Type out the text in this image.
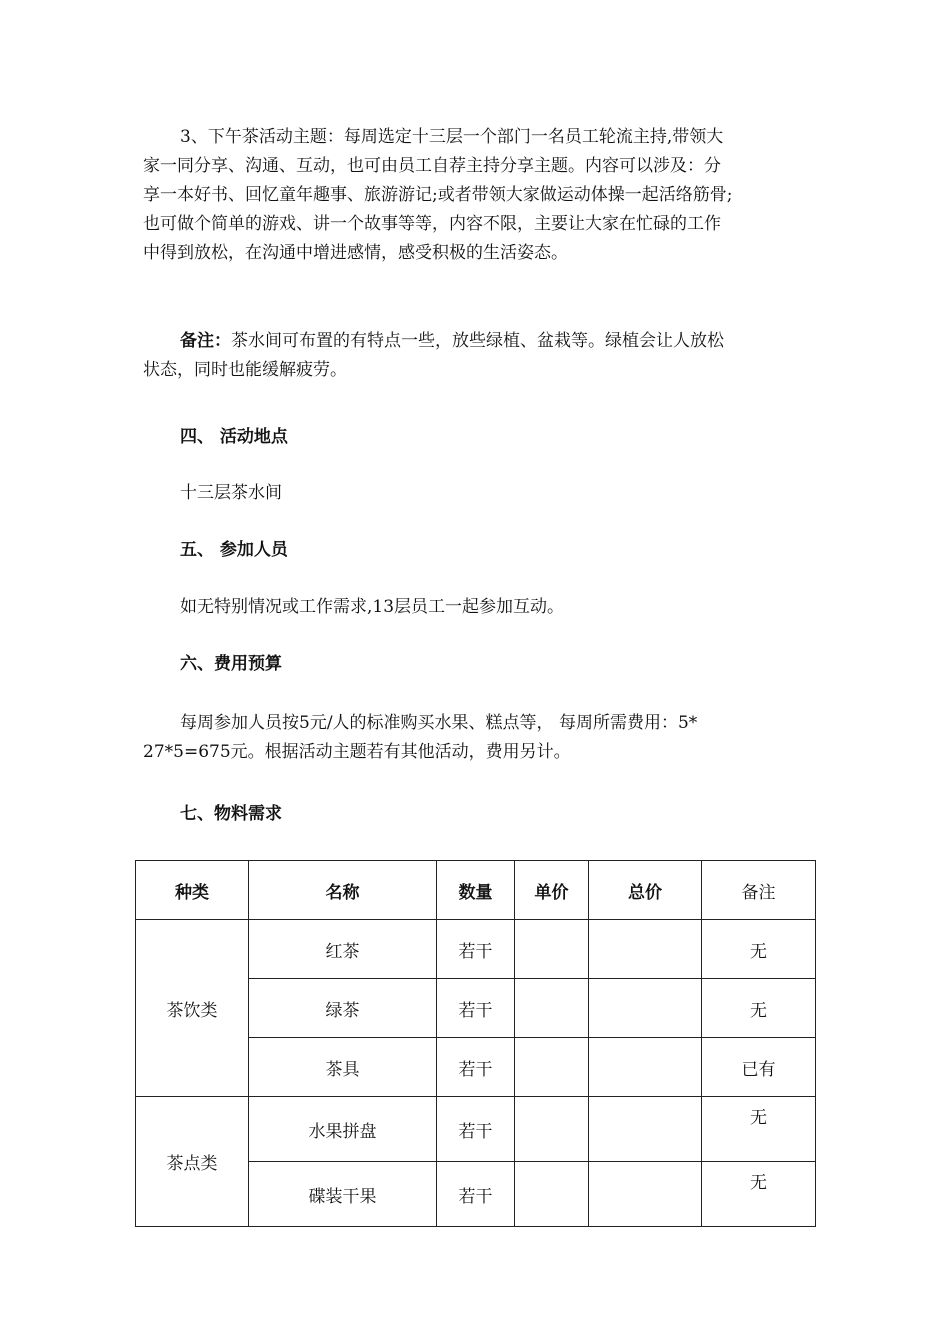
3、下午茶活动主题：每周选定十三层一个部门一名员工轮流主持,带领大
家一同分享、沟通、互动，也可由员工自荐主持分享主题。内容可以涉及：分
享一本好书、回忆童年趣事、旅游游记;或者带领大家做运动体操一起活络筋骨;
也可做个简单的游戏、讲一个故事等等，内容不限，主要让大家在忙碌的工作
中得到放松，在沟通中增进感情，感受积极的生活姿态。
备注：茶水间可布置的有特点一些，放些绿植、盆栽等。绿植会让人放松
状态，同时也能缓解疲劳。
四、 活动地点
十三层茶水间
五、 参加人员
如无特别情况或工作需求,13层员工一起参加互动。
六、费用预算
每周参加人员按5元/人的标准购买水果、糕点等， 每周所需费用：5*
27*5=675元。根据活动主题若有其他活动，费用另计。
七、物料需求
种类	名称	数量	单价	总价	备注
茶饮类	红茶	若干			无
	绿茶	若干			无
	茶具	若干			已有
茶点类	水果拼盘	若干			无
	碟装干果	若干			无
